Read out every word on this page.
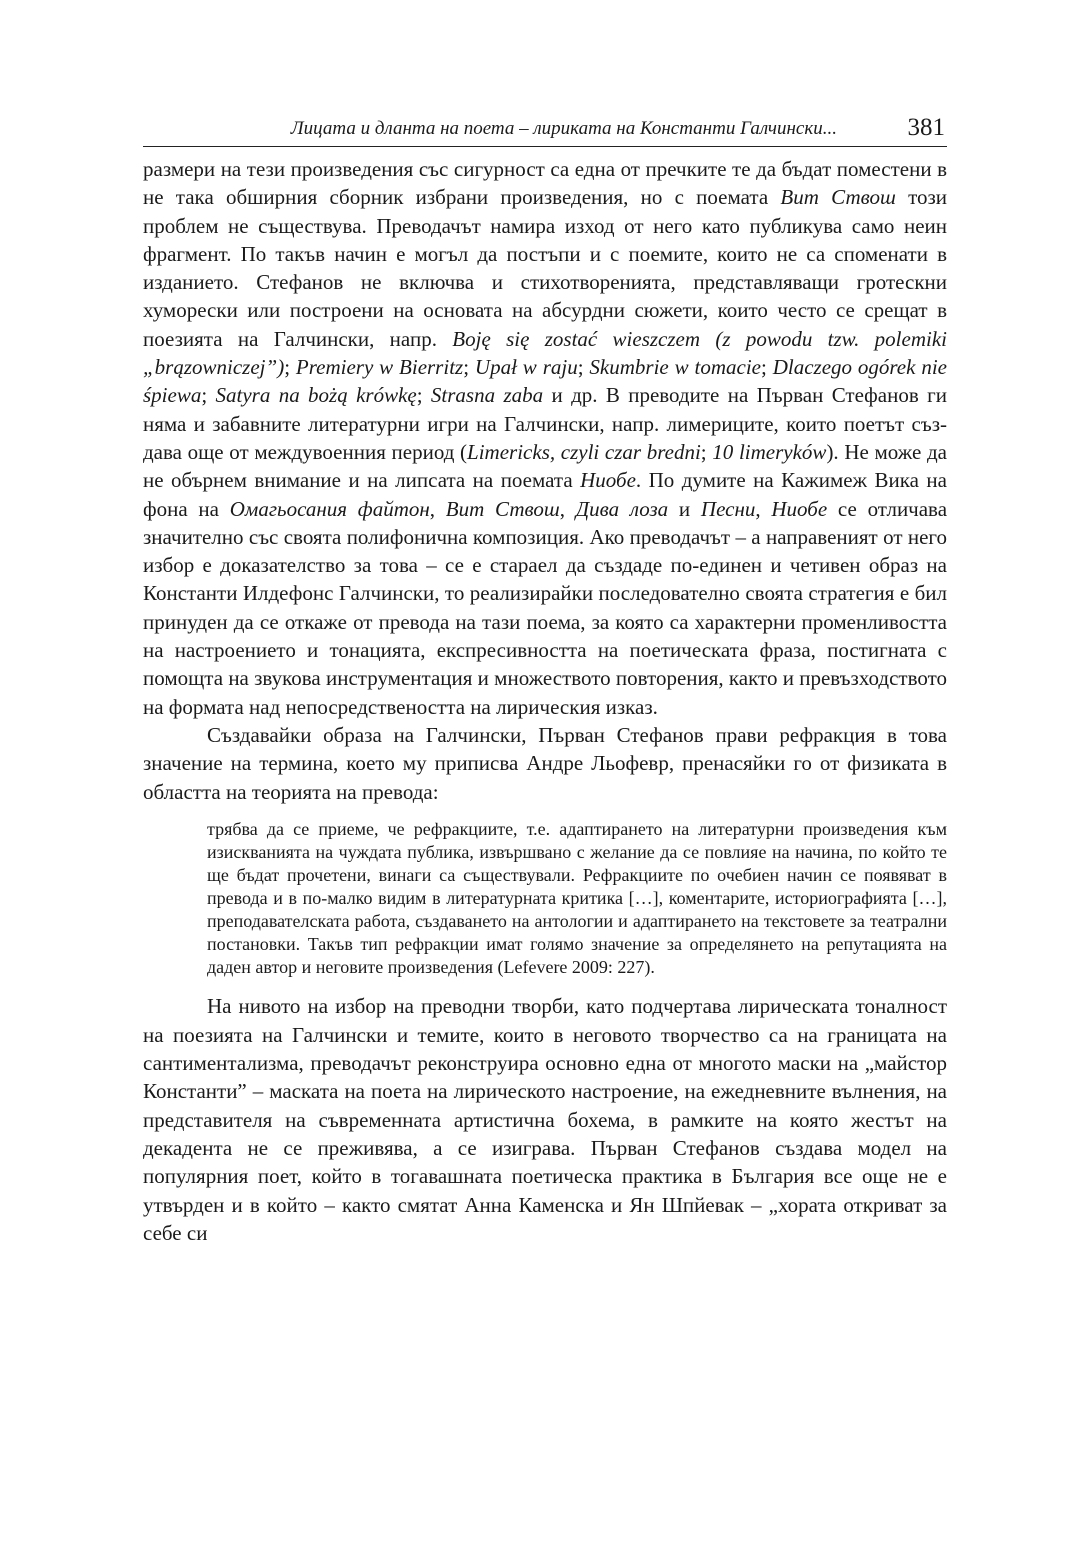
Лицата и дланта на поета – лириката на Константи Галчински...	381

размери на тези произведения със сигурност са една от пречките те да бъдат поместени в не така обширния сборник избрани произведения, но с поемата Вит Ствош този проблем не съществува. Преводачът намира изход от него като публикува само неин фрагмент. По такъв начин е могъл да постъпи и с поемите, които не са споменати в изданието. Стефанов не включва и стихотворенията, представляващи гротескни хуморески или построени на основата на абсурдни сюжети, които често се срещат в поезията на Галчински, напр. Boję się zostać wieszczem (z powodu tzw. polemiki „brązowniczej”); Premiery w Bierritz; Upał w raju; Skumbrie w tomacie; Dlaczego ogórek nie śpiewa; Satyra na bożą krówkę; Strasna zaba и др. В преводите на Първан Стефанов ги няма и забавните литературни игри на Галчински, напр. лимериците, които поетът създава още от междувоенния период (Limericks, czyli czar bredni; 10 limeryków). Не може да не обърнем внимание и на липсата на поемата Ниобе. По думите на Кажимеж Вика на фона на Омагьосания файтон, Вит Ствош, Дива лоза и Песни, Ниобе се отличава значително със своята полифонична композиция. Ако преводачът – а направеният от него избор е доказателство за това – се е стараел да създаде по-единен и четивен образ на Константи Илдефонс Галчински, то реализирайки последователно своята стратегия е бил принуден да се откаже от превода на тази поема, за която са характерни променливостта на настроението и тонацията, експресивността на поетическата фраза, постигната с помощта на звукова инструментация и множеството повторения, както и превъзходството на формата над непосредствеността на лирическия изказ.

Създавайки образа на Галчински, Първан Стефанов прави рефракция в това значение на термина, което му приписва Андре Льофевр, пренасяйки го от физиката в областта на теорията на превода:

трябва да се приеме, че рефракциите, т.е. адаптирането на литературни произведения към изискванията на чуждата публика, извършвано с желание да се повлияе на начина, по който те ще бъдат прочетени, винаги са съществували. Рефракциите по очебиен начин се появяват в превода и в по-малко видим в литературната критика […], коментарите, историографията […], преподавателската работа, създаването на антологии и адаптирането на текстовете за театрални постановки. Такъв тип рефракции имат голямо значение за определянето на репутацията на даден автор и неговите произведения (Lefevere 2009: 227).

На нивото на избор на преводни творби, като подчертава лирическата тоналност на поезията на Галчински и темите, които в неговото творчество са на границата на сантиментализма, преводачът реконструира основно една от многото маски на „майстор Константи” – маската на поета на лирическото настроение, на ежедневните вълнения, на представителя на съвременната артистична бохема, в рамките на която жестът на декадента не се преживява, а се изиграва. Първан Стефанов създава модел на популярния поет, който в тогавашната поетическа практика в България все още не е утвърден и в който – както смятат Анна Каменска и Ян Шпйевак – „хората откриват за себе си
